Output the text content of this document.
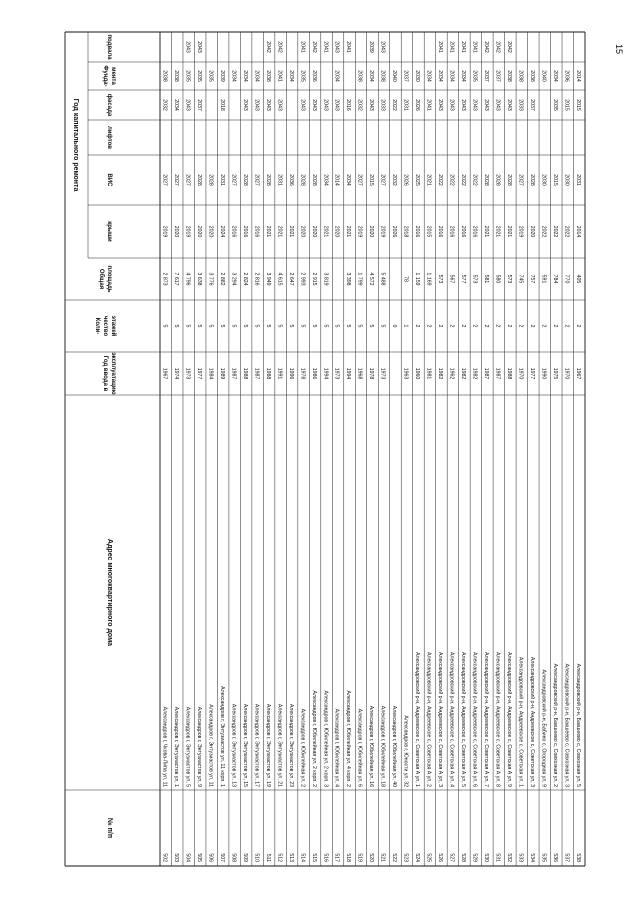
15
Год капитального ремонта
подвала
Фунда- мента
фасада
лифтов
ВИС
крыши
Общая площадь
Коли- чество этажей
Год ввода в эксплуатацию
Адрес многоквартирного дома
№ п/п
2038
2032
2027
2019
2 873
5
1967
Александров г, Чкова-Липа ул, 11
502
2038
2034
2027
2020
7 617
5
1974
Александров г, Энтузиастов ул, 1
503
2043
2035
2043
2027
2019
4 796
5
1973
Александров г, Энтузиастов ул, 5
504
2043
2035
2037
2028
2020
3 638
5
1977
Александров г, Энтузиастов ул, 9
505
2035
2028
2020
3 776
5
1984
Александров г, Энтузиастов ул, 11
506
2039
2018
2031
2024
2 882
5
1989
Александров г, Энтузиастов ул, 11 корп. 1
507
2034
2027
2016
3 294
5
1987
Александров г, Энтузиастов ул, 13
508
2034
2043
2028
2016
2 824
5
1988
Александров г, Энтузиастов ул, 15
509
2034
2043
2027
2016
2 816
5
1987
Александров г, Энтузиастов ул, 17
510
2042
2038
2043
2028
2021
3 949
5
1988
Александров г, Энтузиастов ул, 19
511
2042
2041
2043
2031
2021
4 615
5
1991
Александров г, Энтузиастов ул, 21
512
2034
2036
2021
2 647
5
1996
Александров г, Энтузиастов ул, 23
513
2041
2035
2043
2028
2020
2 993
5
1978
Александров г, Юбилейная ул, 2
514
2042
2036
2043
2028
2020
2 915
5
1986
Александров г, Юбилейная ул, 2 корп. 2
515
2041
2043
2034
2021
3 819
5
1994
Александров г, Юбилейная ул, 2 корп. 3
516
2043
2034
2043
2014
2020
5
1973
Александров г, Юбилейная ул, 4
517
2041
2016
2034
2021
3 398
5
1994
Александров г, Юбилейная ул, 4 корп. 2
518
2038
2032
2027
2019
1 799
5
1968
Александров г, Юбилейная ул, 6
519
2039
2034
2043
2015
2020
4 572
5
1978
Александров г, Юбилейная ул, 16
520
2043
2038
2033
2027
2019
5 488
5
1973
Александров г, Юбилейная ул, 18
521
2040
2022
2032
2026
0
Александров г, Юбилейная ул, 40
522
2037
2031
2026
2018
78
1
1963
Александров г, Юности ул, 32
523
2030
2026
2025
2016
1 159
2
1960
Александровский р-н, Андреевское с, Советская А ул, 1
524
2034
2041
2021
2015
1 169
2
1981
Александровский р-н, Андреевское с, Советская А ул, 2
525
2041
2034
2043
2022
2016
573
2
1982
Александровский р-н, Андреевское с, Советская А ул, 3
526
2041
2034
2043
2022
2016
567
2
1962
Александровский р-н, Андреевское с, Советская А ул, 4
527
2041
2034
2043
2022
2016
577
2
1982
Александровский р-н, Андреевское с, Советская А ул, 5
528
2041
2035
2043
2022
2016
573
2
1982
Александровский р-н, Андреевское с, Советская А ул, 6
529
2042
2037
2043
2028
2021
581
2
1987
Александровский р-н, Андреевское с, Советская А ул, 7
530
2042
2037
2043
2028
2021
580
2
1987
Александровский р-н, Андреевское с, Советская А ул, 8
531
2042
2038
2043
2028
2021
573
2
1988
Александровский р-н, Андреевское с, Советская А ул, 9
532
2038
2033
2027
2019
745
2
1970
Александровский р-н, Андреевское с, Советская ул, 1
533
2038
2037
2028
2020
757
2
1977
Александровский р-н, Андреевское с, Советская ул, 3
534
2040
2030
2022
591
2
1990
Александровский р-н, Бабино с, Огородная ул, 9
535
2034
2035
2015
2022
784
2
1975
Александровский р-н, Бакшеево с, Совхозная ул, 2
536
2036
2015
2030
2022
770
2
1970
Александровский р-н, Бакшеево с, Совхозная ул, 3
537
2014
2015
2031
2014
405
2
1967
Александровский р-н, Бакшеево с, Совхозная ул, 5
538
